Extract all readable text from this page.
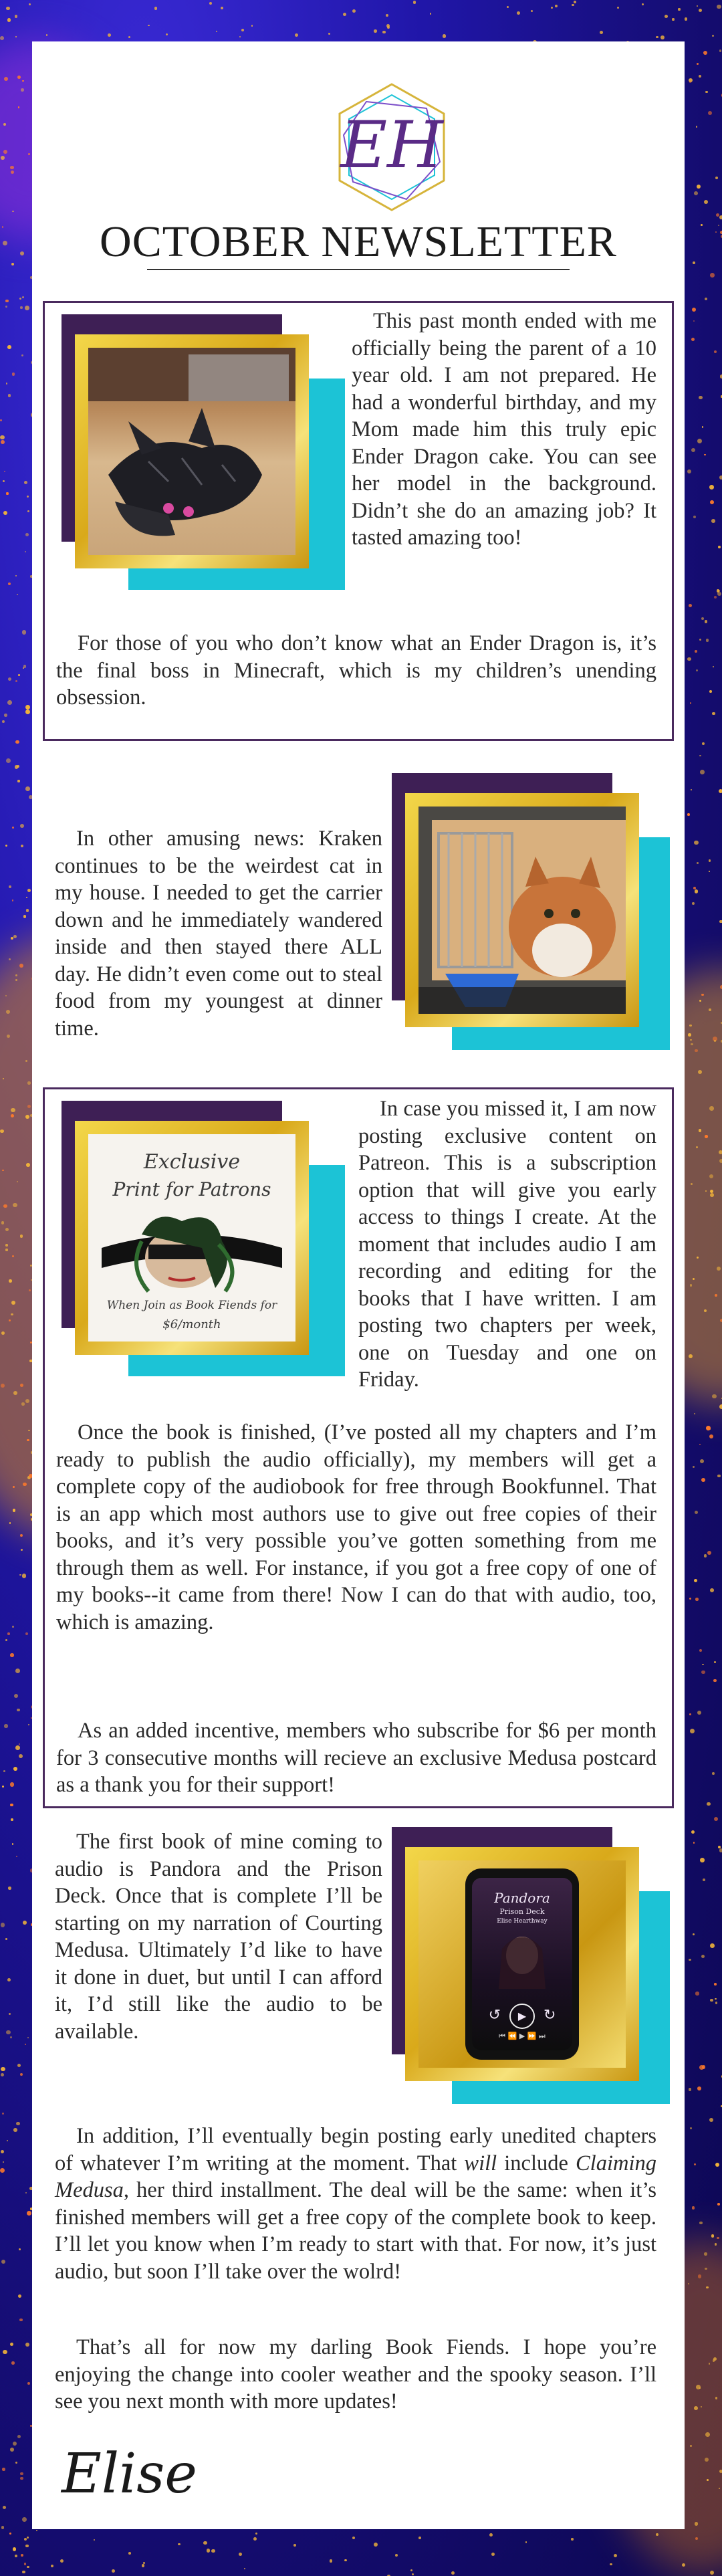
EH
OCTOBER NEWSLETTER
This past month ended with me officially being the parent of a 10 year old. I am not prepared. He had a wonderful birthday, and my Mom made him this truly epic Ender Dragon cake. You can see her model in the background. Didn’t she do an amazing job? It tasted amazing too!
For those of you who don’t know what an Ender Dragon is, it’s the final boss in Minecraft, which is my children’s unending obsession.
In other amusing news: Kraken continues to be the weirdest cat in my house. I needed to get the carrier down and he immediately wandered inside and then stayed there ALL day. He didn’t even come out to steal food from my youngest at dinner time.
Exclusive
Print for Patrons
When Join as Book Fiends for
$6/month
In case you missed it, I am now posting exclusive content on Patreon. This is a subscription option that will give you early access to things I create. At the moment that includes audio I am recording and editing for the books that I have written. I am posting two chapters per week, one on Tuesday and one on Friday.
Once the book is finished, (I’ve posted all my chapters and I’m ready to publish the audio officially), my members will get a complete copy of the audiobook for free through Bookfunnel. That is an app which most authors use to give out free copies of their books, and it’s very possible you’ve gotten something from me through them as well. For instance, if you got a free copy of one of my books--it came from there! Now I can do that with audio, too, which is amazing.
As an added incentive, members who subscribe for $6 per month for 3 consecutive months will recieve an exclusive Medusa postcard as a thank you for their support!
Pandora
Prison Deck
Elise Hearthway
↺ ▶ ↻
⏮ ⏪ ▶ ⏩ ⏭
The first book of mine coming to audio is Pandora and the Prison Deck. Once that is complete I’ll be starting on my narration of Courting Medusa. Ultimately I’d like to have it done in duet, but until I can afford it, I’d still like the audio to be available.
In addition, I’ll eventually begin posting early unedited chapters of whatever I’m writing at the moment. That will include Claiming Medusa, her third installment. The deal will be the same: when it’s finished members will get a free copy of the complete book to keep. I’ll let you know when I’m ready to start with that. For now, it’s just audio, but soon I’ll take over the wolrd!
That’s all for now my darling Book Fiends. I hope you’re enjoying the change into cooler weather and the spooky season. I’ll see you next month with more updates!
Elise
